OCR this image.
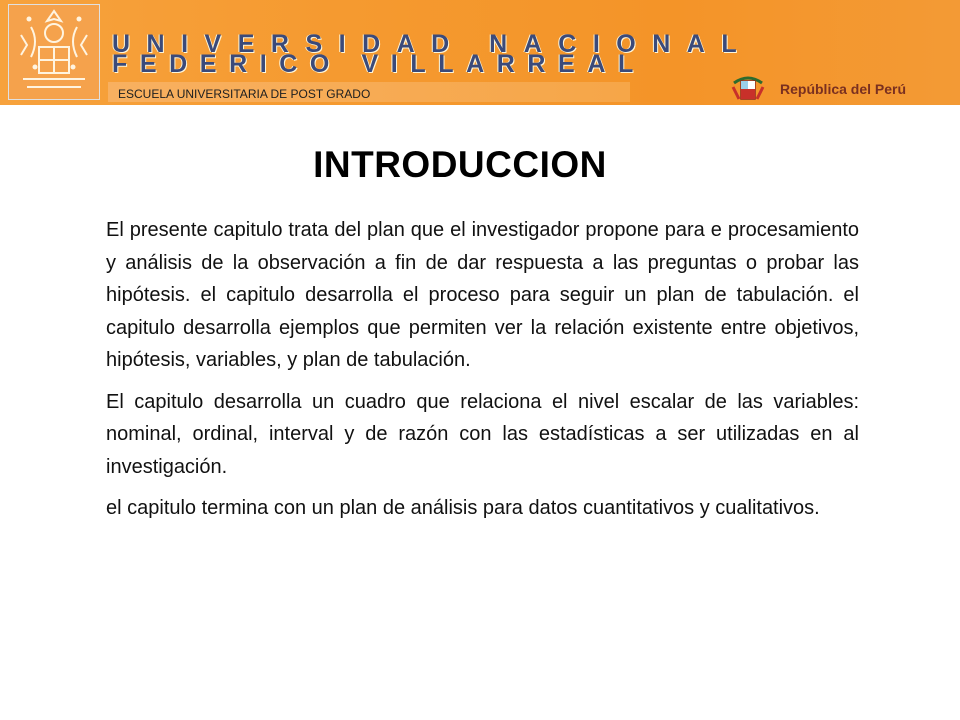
UNIVERSIDAD NACIONAL
FEDERICO VILLARREAL
ESCUELA UNIVERSITARIA DE POST GRADO	República del Perú
INTRODUCCION

El presente capitulo trata del plan que el investigador propone para e procesamiento y análisis de la observación a fin de dar respuesta a las preguntas o probar las hipótesis. el capitulo desarrolla el proceso para seguir un plan de tabulación. el capitulo desarrolla ejemplos que permiten ver la relación existente entre objetivos, hipótesis, variables, y plan de tabulación.

El capitulo desarrolla un cuadro que relaciona el nivel escalar de las variables: nominal, ordinal, interval y de razón con las estadísticas a ser utilizadas en al investigación.

el capitulo termina con un plan de análisis para datos cuantitativos y cualitativos.
